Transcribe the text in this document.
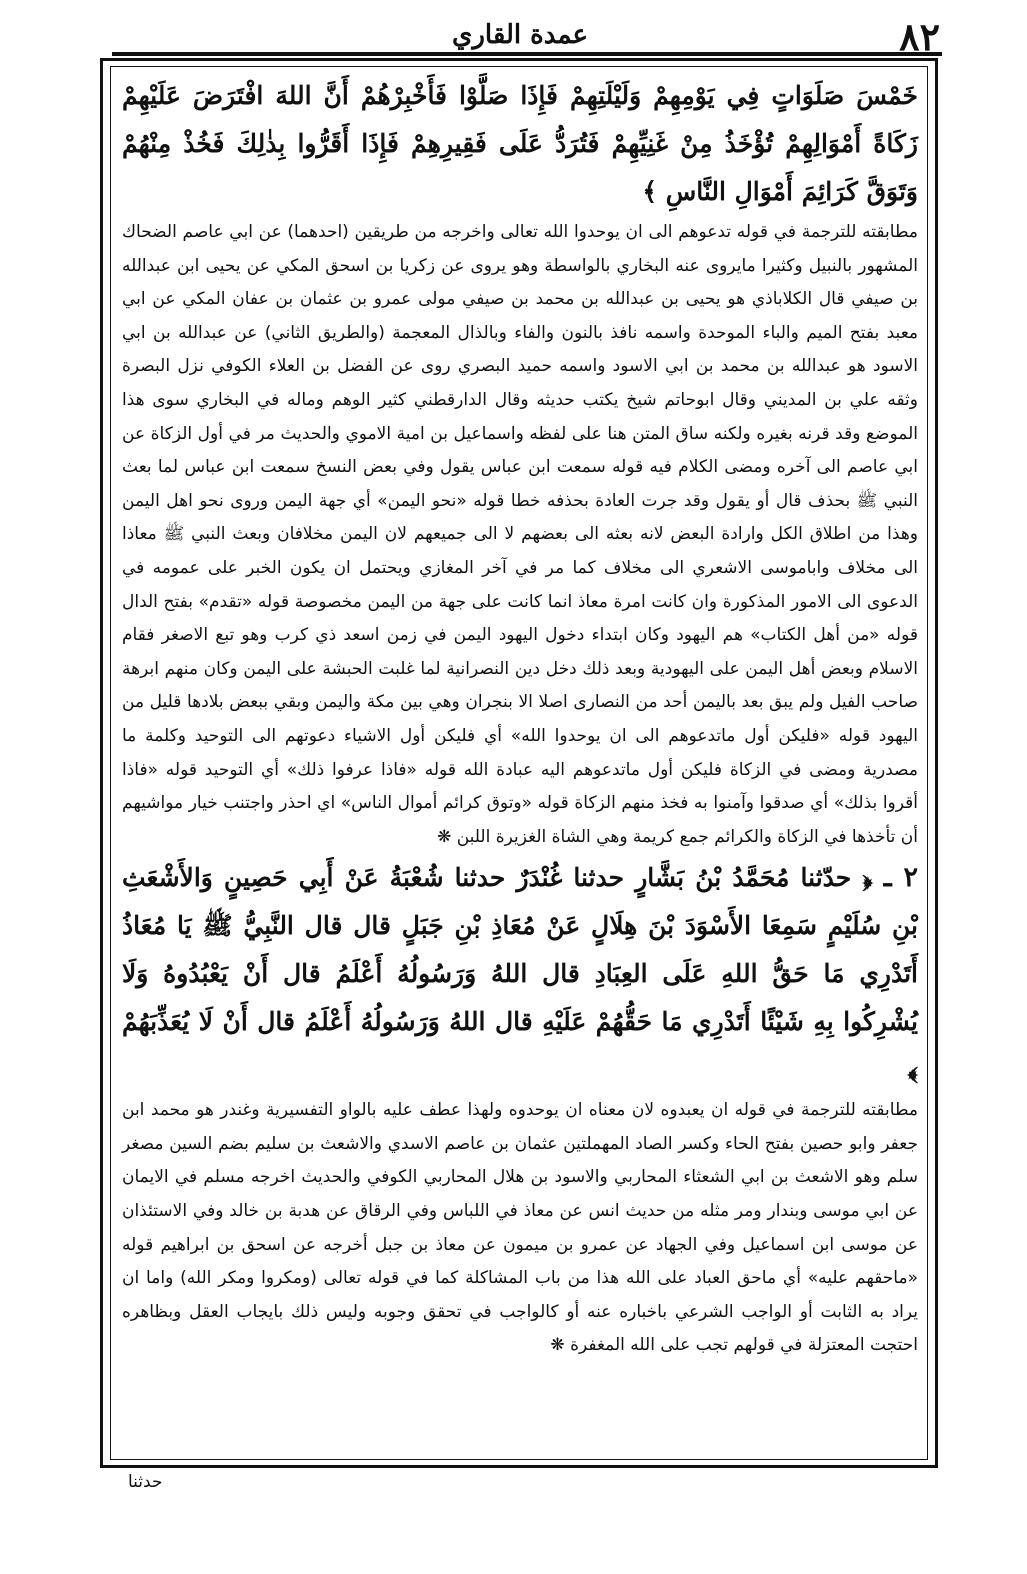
٨٢
عمدة القاري

خَمْسَ صَلَوَاتٍ فِي يَوْمِهِمْ وَلَيْلَتِهِمْ فَإِذَا صَلَّوْا فَأَخْبِرْهُمْ أَنَّ اللهَ افْتَرَضَ عَلَيْهِمْ زَكَاةً أَمْوَالِهِمْ تُؤْخَذُ مِنْ غَنِيِّهِمْ فَتُرَدُّ عَلَى فَقِيرِهِمْ فَإِذَا أَقَرُّوا بِذٰلِكَ فَخُذْ مِنْهُمْ وَتَوَقَّ كَرَائِمَ أَمْوَالِ النَّاسِ ﴾

مطابقته للترجمة في قوله تدعوهم الى ان يوحدوا الله تعالى واخرجه من طريقين (احدهما) عن ابي عاصم الضحاك المشهور بالنبيل وكثيرا مايروى عنه البخاري بالواسطة وهو يروى عن زكريا بن اسحق المكي عن يحيى ابن عبدالله بن صيفي قال الكلاباذي هو يحيى بن عبدالله بن محمد بن صيفي مولى عمرو بن عثمان بن عفان المكي عن ابي معبد بفتح الميم والباء الموحدة واسمه نافذ بالنون والفاء وبالذال المعجمة (والطريق الثاني) عن عبدالله بن ابي الاسود هو عبدالله بن محمد بن ابي الاسود واسمه حميد البصري روى عن الفضل بن العلاء الكوفي نزل البصرة وثقه علي بن المديني وقال ابوحاتم شيخ يكتب حديثه وقال الدارقطني كثير الوهم وماله في البخاري سوى هذا الموضع وقد قرنه بغيره ولكنه ساق المتن هنا على لفظه واسماعيل بن امية الاموي والحديث مر في أول الزكاة عن ابي عاصم الى آخره ومضى الكلام فيه قوله سمعت ابن عباس يقول وفي بعض النسخ سمعت ابن عباس لما بعث النبي ﷺ بحذف قال أو يقول وقد جرت العادة بحذفه خطا قوله «نحو اليمن» أي جهة اليمن وروى نحو اهل اليمن وهذا من اطلاق الكل وارادة البعض لانه بعثه الى بعضهم لا الى جميعهم لان اليمن مخلافان وبعث النبي ﷺ معاذا الى مخلاف واباموسى الاشعري الى مخلاف كما مر في آخر المغازي ويحتمل ان يكون الخبر على عمومه في الدعوى الى الامور المذكورة وان كانت امرة معاذ انما كانت على جهة من اليمن مخصوصة قوله «تقدم» بفتح الدال قوله «من أهل الكتاب» هم اليهود وكان ابتداء دخول اليهود اليمن في زمن اسعد ذي كرب وهو تبع الاصغر فقام الاسلام وبعض أهل اليمن على اليهودية وبعد ذلك دخل دين النصرانية لما غلبت الحبشة على اليمن وكان منهم ابرهة صاحب الفيل ولم يبق بعد باليمن أحد من النصارى اصلا الا بنجران وهي بين مكة واليمن وبقي ببعض بلادها قليل من اليهود قوله «فليكن أول ماتدعوهم الى ان يوحدوا الله» أي فليكن أول الاشياء دعوتهم الى التوحيد وكلمة ما مصدرية ومضى في الزكاة فليكن أول ماتدعوهم اليه عبادة الله قوله «فاذا عرفوا ذلك» أي التوحيد قوله «فاذا أقروا بذلك» أي صدقوا وآمنوا به فخذ منهم الزكاة قوله «وتوق كرائم أموال الناس» اي احذر واجتنب خيار مواشيهم أن تأخذها في الزكاة والكرائم جمع كريمة وهي الشاة الغزيرة اللبن ❋

٢ ـ ﴿ حدّثنا مُحَمَّدُ بْنُ بَشَّارٍ حدثنا غُنْدَرٌ حدثنا شُعْبَةُ عَنْ أَبِي حَصِينٍ وَالأَشْعَثِ بْنِ سُلَيْمٍ سَمِعَا الأَسْوَدَ بْنَ هِلَالٍ عَنْ مُعَاذِ بْنِ جَبَلٍ قال قال النَّبِيُّ ﷺ يَا مُعَاذُ أَتَدْرِي مَا حَقُّ اللهِ عَلَى العِبَادِ قال اللهُ وَرَسُولُهُ أَعْلَمُ قال أَنْ يَعْبُدُوهُ وَلَا يُشْرِكُوا بِهِ شَيْئًا أَتَدْرِي مَا حَقُّهُمْ عَلَيْهِ قال اللهُ وَرَسُولُهُ أَعْلَمُ قال أَنْ لَا يُعَذِّبَهُمْ ﴾

مطابقته للترجمة في قوله ان يعبدوه لان معناه ان يوحدوه ولهذا عطف عليه بالواو التفسيرية وغندر هو محمد ابن جعفر وابو حصين بفتح الحاء وكسر الصاد المهملتين عثمان بن عاصم الاسدي والاشعث بن سليم بضم السين مصغر سلم وهو الاشعث بن ابي الشعثاء المحاربي والاسود بن هلال المحاربي الكوفي والحديث اخرجه مسلم في الايمان عن ابي موسى وبندار ومر مثله من حديث انس عن معاذ في اللباس وفي الرقاق عن هدبة بن خالد وفي الاستئذان عن موسى ابن اسماعيل وفي الجهاد عن عمرو بن ميمون عن معاذ بن جبل أخرجه عن اسحق بن ابراهيم قوله «ماحقهم عليه» أي ماحق العباد على الله هذا من باب المشاكلة كما في قوله تعالى (ومكروا ومكر الله) واما ان يراد به الثابت أو الواجب الشرعي باخباره عنه أو كالواجب في تحقق وجوبه وليس ذلك بايجاب العقل وبظاهره احتجت المعتزلة في قولهم تجب على الله المغفرة ❋

حدثنا
